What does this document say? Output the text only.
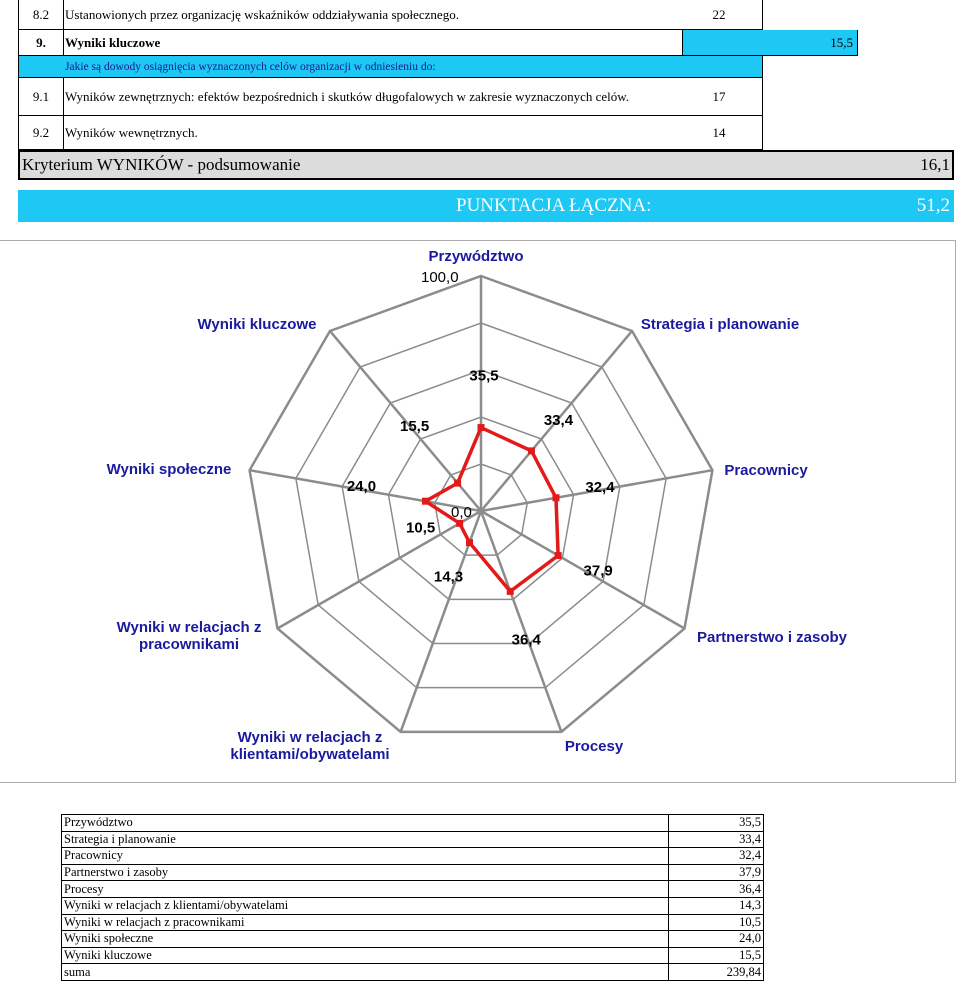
8.2	Ustanowionych przez organizację wskaźników oddziaływania społecznego.	22
9.	Wyniki kluczowe	15,5
Jakie są dowody osiągnięcia wyznaczonych celów organizacji w odniesieniu do:
9.1	Wyników zewnętrznych: efektów bezpośrednich i skutków długofalowych w zakresie wyznaczonych celów.	17
9.2	Wyników wewnętrznych.	14
Kryterium WYNIKÓW - podsumowanie	16,1
PUNKTACJA ŁĄCZNA:	51,2
35,5
33,4
32,4
37,9
36,4
14,3
10,5
24,0
15,5
0,0
100,0
Przywództwo
Strategia i planowanie
Pracownicy
Partnerstwo i zasoby
Procesy
Wyniki w relacjach z
klientami/obywatelami
Wyniki w relacjach z
pracownikami
Wyniki społeczne
Wyniki kluczowe
Przywództwo	35,5
Strategia i planowanie	33,4
Pracownicy	32,4
Partnerstwo i zasoby	37,9
Procesy	36,4
Wyniki w relacjach z klientami/obywatelami	14,3
Wyniki w relacjach z pracownikami	10,5
Wyniki społeczne	24,0
Wyniki kluczowe	15,5
suma	239,84
